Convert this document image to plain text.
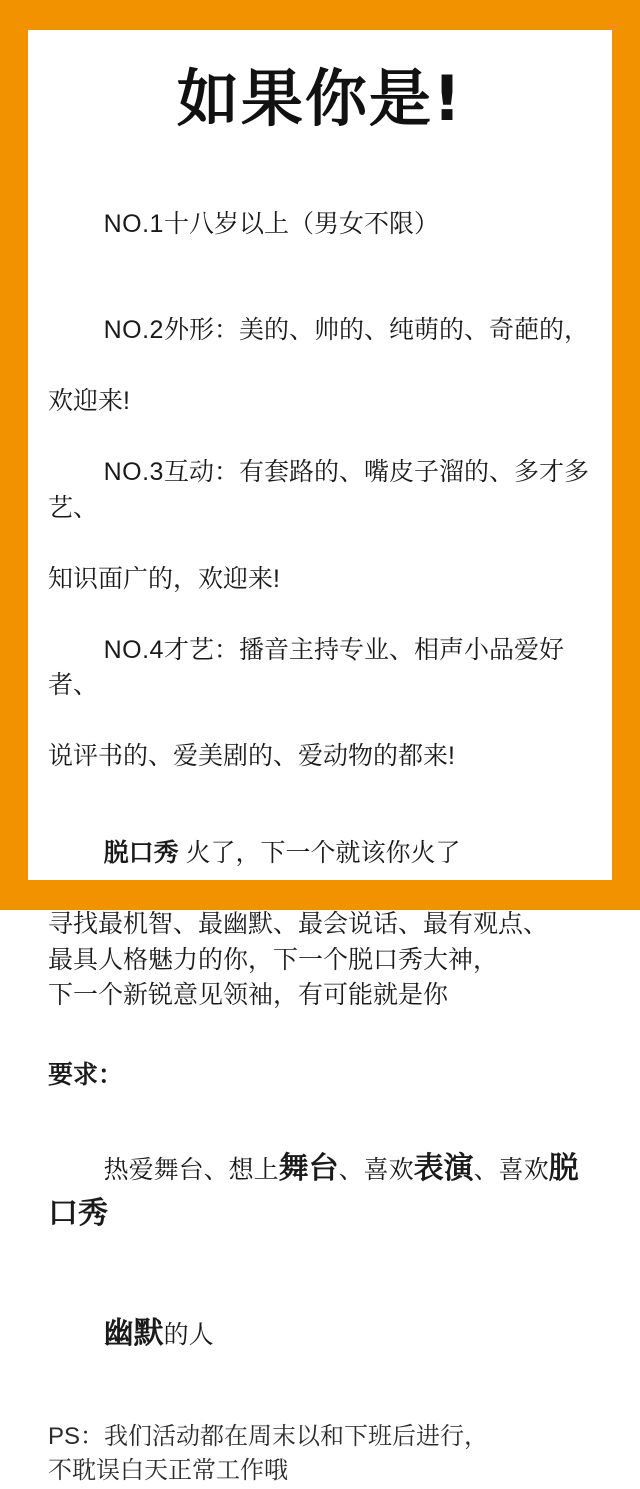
如果你是!

NO.1十八岁以上（男女不限）

NO.2外形：美的、帅的、纯萌的、奇葩的，

欢迎来!

NO.3互动：有套路的、嘴皮子溜的、多才多艺、

知识面广的，欢迎来!

NO.4才艺：播音主持专业、相声小品爱好者、

说评书的、爱美剧的、爱动物的都来!

脱口秀 火了，下一个就该你火了

寻找最机智、最幽默、最会说话、最有观点、
最具人格魅力的你，下一个脱口秀大神，
下一个新锐意见领袖，有可能就是你
要求：

热爱舞台、想上舞台、喜欢表演、喜欢脱口秀

幽默的人

PS：我们活动都在周末以和下班后进行，
不耽误白天正常工作哦
